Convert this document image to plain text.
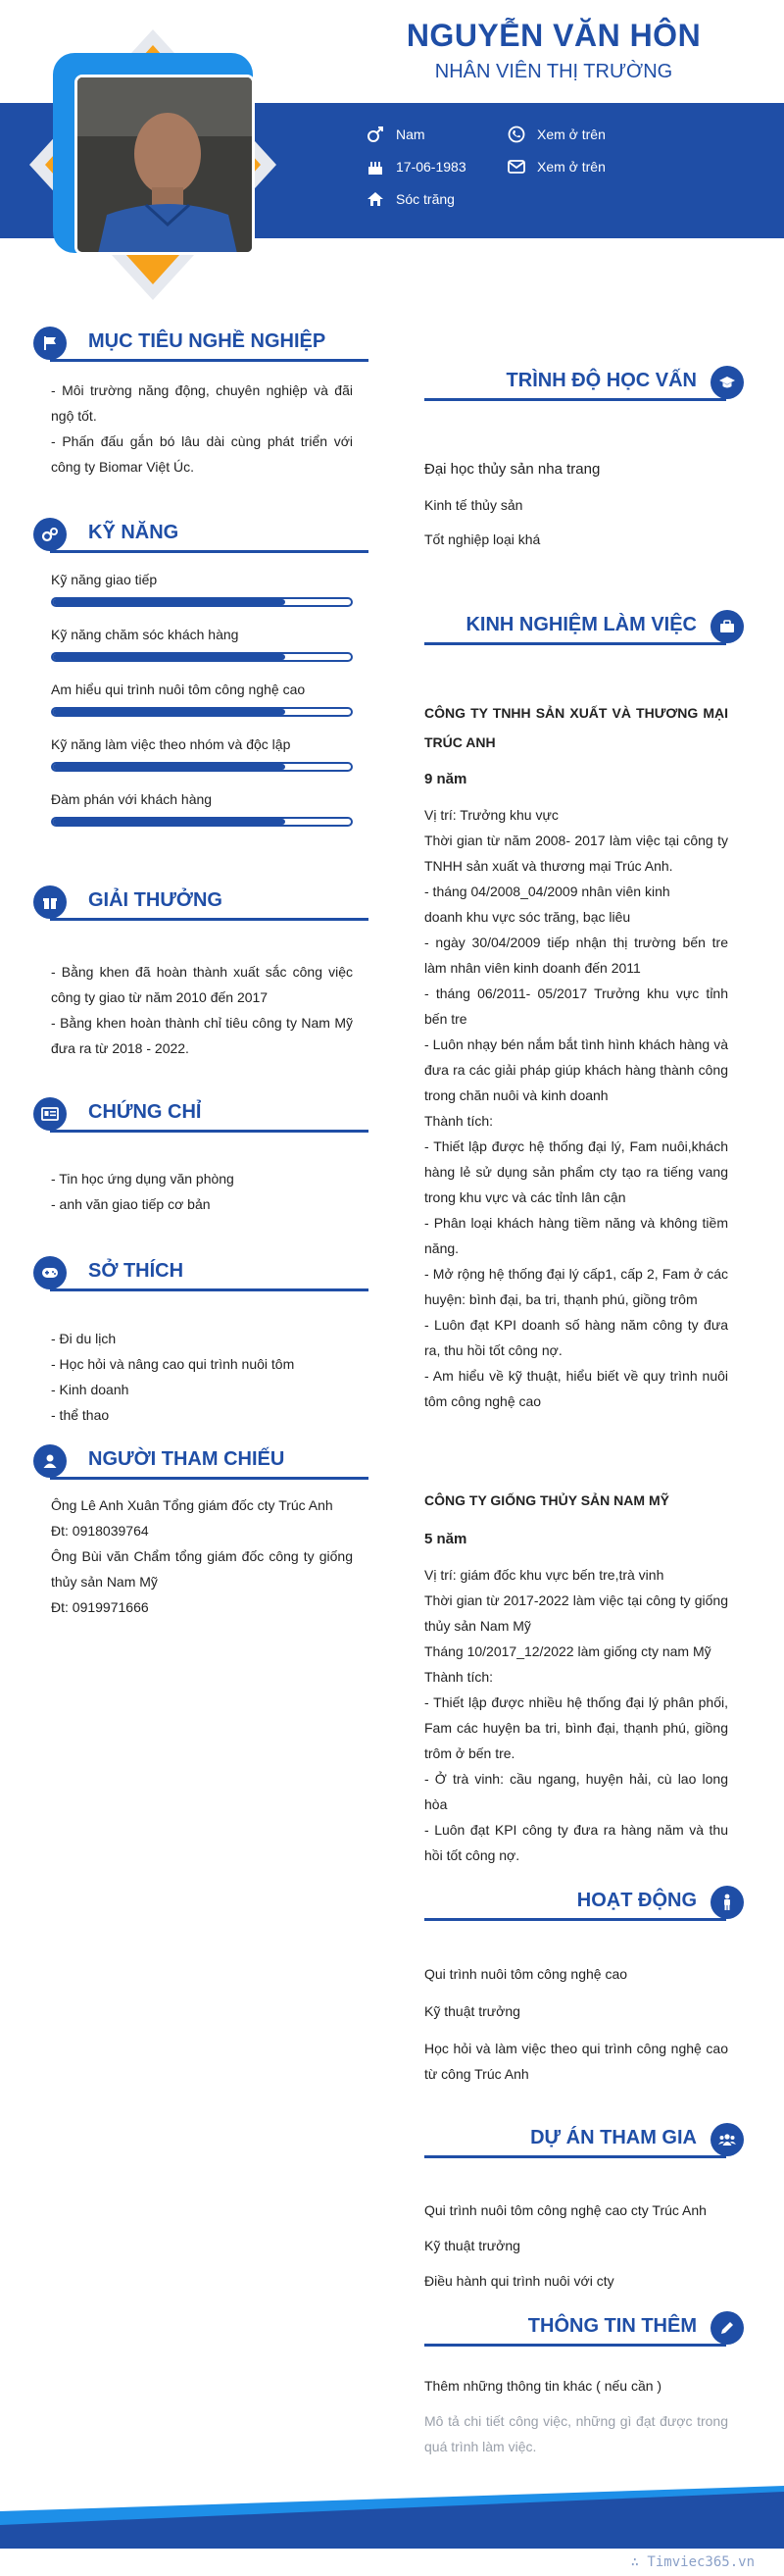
NGUYỄN VĂN HÔN
NHÂN VIÊN THỊ TRƯỜNG
Nam
17-06-1983
Sóc trăng
Xem ở trên
Xem ở trên
MỤC TIÊU NGHỀ NGHIỆP
- Môi trường năng động, chuyên nghiệp và đãi ngộ tốt.
- Phấn đấu gắn bó lâu dài cùng phát triển với công ty Biomar Việt Úc.
KỸ NĂNG
Kỹ năng giao tiếp
Kỹ năng chăm sóc khách hàng
Am hiểu qui trình nuôi tôm công nghệ cao
Kỹ năng làm việc theo nhóm và độc lập
Đàm phán với khách hàng
GIẢI THƯỞNG
- Bằng khen đã hoàn thành xuất sắc công việc công ty giao từ năm 2010 đến 2017
- Bằng khen hoàn thành chỉ tiêu công ty Nam Mỹ đưa ra từ 2018 - 2022.
CHỨNG CHỈ
- Tin học ứng dụng văn phòng
- anh văn giao tiếp cơ bản
SỞ THÍCH
- Đi du lịch
- Học hỏi và nâng cao qui trình nuôi tôm
- Kinh doanh
- thể thao
NGƯỜI THAM CHIẾU
Ông Lê Anh Xuân Tổng giám đốc cty Trúc Anh
Đt: 0918039764
Ông Bùi văn Chẩm tổng giám đốc công ty giống thủy sản Nam Mỹ
Đt: 0919971666
TRÌNH ĐỘ HỌC VẤN
Đại học thủy sản nha trang
Kinh tế thủy sản
Tốt nghiệp loại khá
KINH NGHIỆM LÀM VIỆC
CÔNG TY TNHH SẢN XUẤT VÀ THƯƠNG MẠI TRÚC ANH
9 năm
Vị trí: Trưởng khu vực
Thời gian từ năm 2008- 2017 làm việc tại công ty TNHH sản xuất và thương mại Trúc Anh.
- tháng 04/2008_04/2009 nhân viên kinh
doanh khu vực sóc trăng, bạc liêu
- ngày 30/04/2009 tiếp nhận thị trường bến tre làm nhân viên kinh doanh đến 2011
- tháng 06/2011- 05/2017 Trưởng khu vực tỉnh bến tre
- Luôn nhạy bén nắm bắt tình hình khách hàng và đưa ra các giải pháp giúp khách hàng thành công trong chăn nuôi và kinh doanh
Thành tích:
- Thiết lập được hệ thống đại lý, Fam nuôi,khách hàng lẻ sử dụng sản phẩm cty tạo ra tiếng vang trong khu vực và các tỉnh lân cận
- Phân loại khách hàng tiềm năng và không tiềm năng.
- Mở rộng hệ thống đại lý cấp1, cấp 2, Fam ở các huyện: bình đại, ba tri, thạnh phú, giồng trôm
- Luôn đạt KPI doanh số hàng năm công ty đưa ra, thu hồi tốt công nợ.
- Am hiểu về kỹ thuật, hiểu biết về quy trình nuôi tôm công nghệ cao
CÔNG TY GIỐNG THỦY SẢN NAM MỸ
5 năm
Vị trí: giám đốc khu vực bến tre,trà vinh
Thời gian từ 2017-2022 làm việc tại công ty giống thủy sản Nam Mỹ
Tháng 10/2017_12/2022 làm giống cty nam Mỹ
Thành tích:
- Thiết lập được nhiều hệ thống đại lý phân phối, Fam các huyện ba tri, bình đại, thạnh phú, giồng trôm ở bến tre.
- Ở trà vinh: cầu ngang, huyện hải, cù lao long hòa
- Luôn đạt KPI công ty đưa ra hàng năm và thu hồi tốt công nợ.
HOẠT ĐỘNG
Qui trình nuôi tôm công nghệ cao
Kỹ thuật trưởng
Học hỏi và làm việc theo qui trình công nghệ cao từ công Trúc Anh
DỰ ÁN THAM GIA
Qui trình nuôi tôm công nghệ cao cty Trúc Anh
Kỹ thuật trưởng
Điều hành qui trình nuôi với cty
THÔNG TIN THÊM
Thêm những thông tin khác ( nếu cần )
Mô tả chi tiết công việc, những gì đạt được trong quá trình làm việc.
∴ Timviec365.vn
